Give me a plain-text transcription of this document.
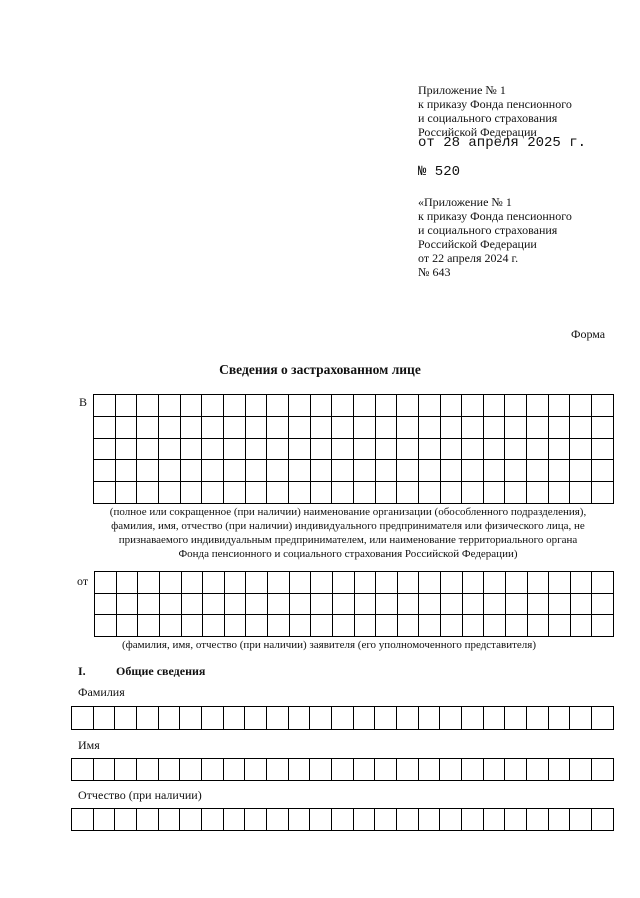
Приложение № 1
к приказу Фонда пенсионного
и социального страхования
Российской Федерации
от 28 апреля 2025 г.
№ 520
«Приложение № 1
к приказу Фонда пенсионного
и социального страхования
Российской Федерации
от 22 апреля 2024 г.
№ 643
Форма
Сведения о застрахованном лице
В

(полное или сокращенное (при наличии) наименование организации (обособленного подразделения),
фамилия, имя, отчество (при наличии) индивидуального предпринимателя или физического лица, не
признаваемого индивидуальным предпринимателем, или наименование территориального органа
Фонда пенсионного и социального страхования Российской Федерации)
от

(фамилия, имя, отчество (при наличии) заявителя (его уполномоченного представителя)
I.	Общие сведения
Фамилия

Имя

Отчество (при наличии)
